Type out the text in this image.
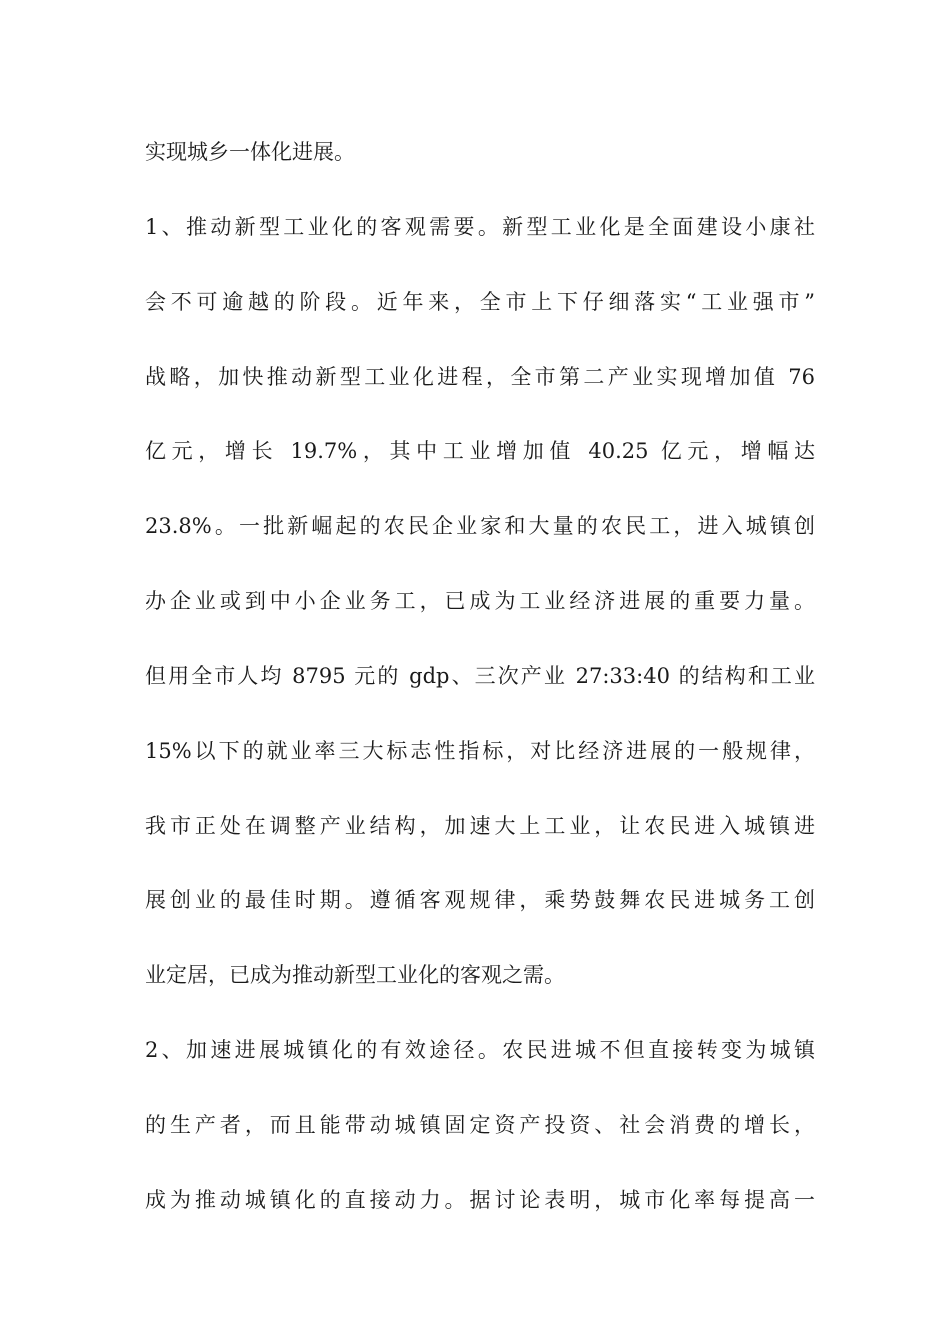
实现城乡一体化进展。
1、推动新型工业化的客观需要。新型工业化是全面建设小康社
会不可逾越的阶段。近年来，全市上下仔细落实“工业强市”
战略，加快推动新型工业化进程，全市第二产业实现增加值 76
亿元，增长 19.7%，其中工业增加值 40.25 亿元，增幅达
23.8%。一批新崛起的农民企业家和大量的农民工，进入城镇创
办企业或到中小企业务工，已成为工业经济进展的重要力量。
但用全市人均 8795 元的 gdp、三次产业 27:33:40 的结构和工业
15%以下的就业率三大标志性指标，对比经济进展的一般规律，
我市正处在调整产业结构，加速大上工业，让农民进入城镇进
展创业的最佳时期。遵循客观规律，乘势鼓舞农民进城务工创
业定居，已成为推动新型工业化的客观之需。
2、加速进展城镇化的有效途径。农民进城不但直接转变为城镇
的生产者，而且能带动城镇固定资产投资、社会消费的增长，
成为推动城镇化的直接动力。据讨论表明，城市化率每提高一
